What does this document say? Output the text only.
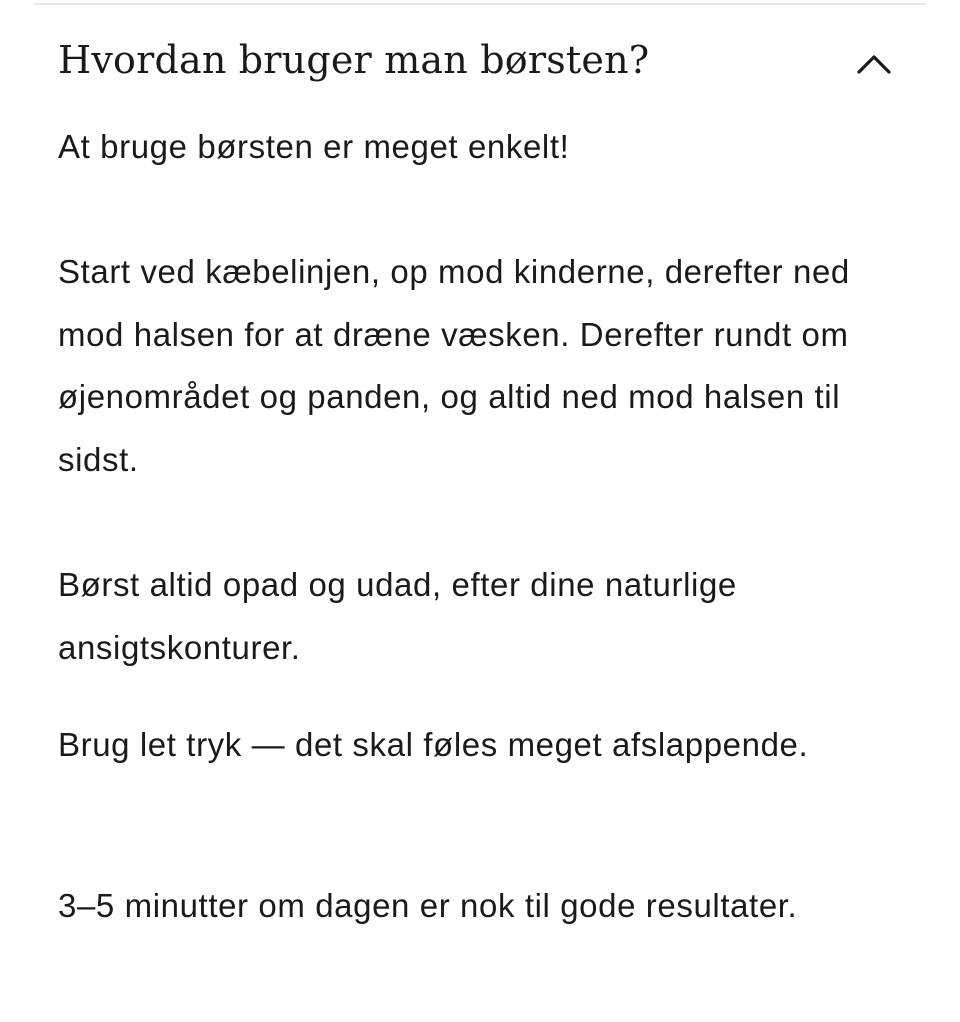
Hvordan bruger man børsten?
At bruge børsten er meget enkelt!
Start ved kæbelinjen, op mod kinderne, derefter ned mod halsen for at dræne væsken. Derefter rundt om øjenområdet og panden, og altid ned mod halsen til sidst.
Børst altid opad og udad, efter dine naturlige ansigtskonturer.
Brug let tryk — det skal føles meget afslappende.
3–5 minutter om dagen er nok til gode resultater.
